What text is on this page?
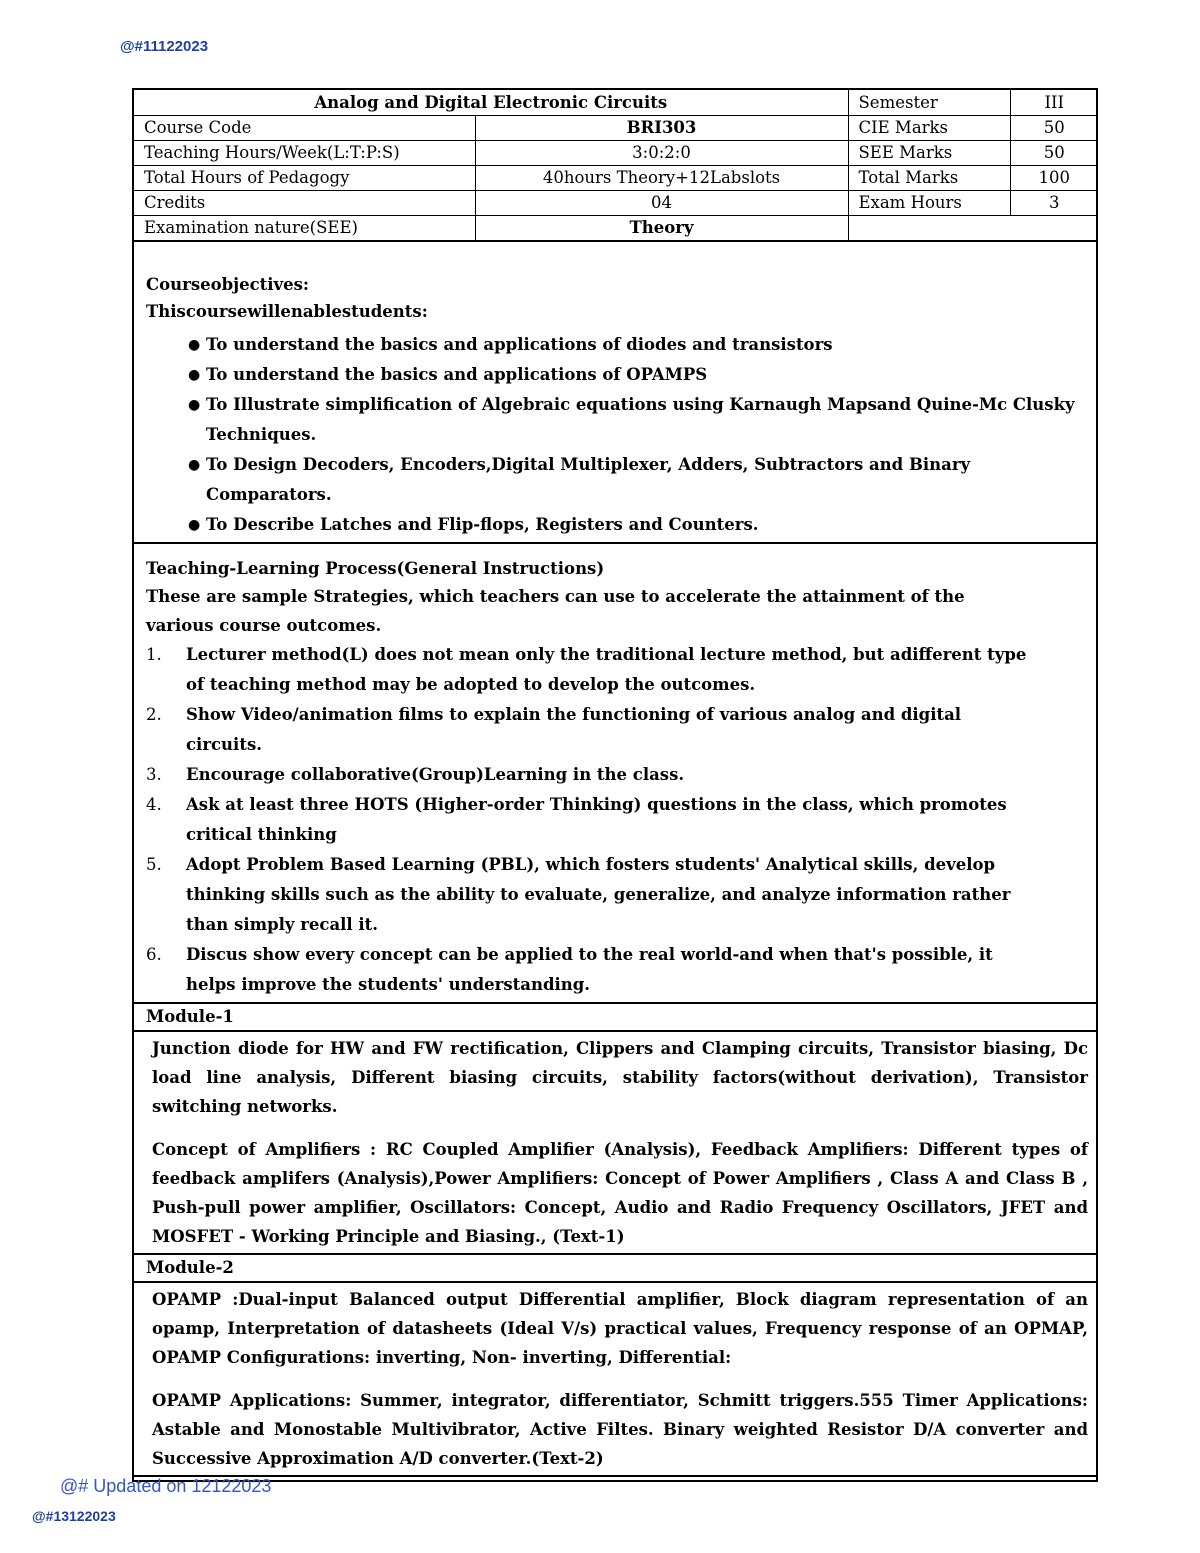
@#11122023
Analog and Digital Electronic Circuits		Semester	III
Course Code	BRI303	CIE Marks	50
Teaching Hours/Week(L:T:P:S)	3:0:2:0	SEE Marks	50
Total Hours of Pedagogy	40hours Theory+12Labslots	Total Marks	100
Credits	04	Exam Hours	3
Examination nature(SEE)	Theory		
Courseobjectives:
Thiscoursewillenablestudents:
● To understand the basics and applications of diodes and transistors
● To understand the basics and applications of OPAMPS
● To Illustrate simplification of Algebraic equations using Karnaugh Mapsand Quine-Mc Clusky Techniques.
● To Design Decoders, Encoders,Digital Multiplexer, Adders, Subtractors and Binary Comparators.
● To Describe Latches and Flip-flops, Registers and Counters.
Teaching-Learning Process(General Instructions)
These are sample Strategies, which teachers can use to accelerate the attainment of the various course outcomes.
1.	Lecturer method(L) does not mean only the traditional lecture method, but adifferent type of teaching method may be adopted to develop the outcomes.
2.	Show Video/animation films to explain the functioning of various analog and digital circuits.
3.	Encourage collaborative(Group)Learning in the class.
4.	Ask at least three HOTS (Higher-order Thinking) questions in the class, which promotes critical thinking
5.	Adopt Problem Based Learning (PBL), which fosters students' Analytical skills, develop thinking skills such as the ability to evaluate, generalize, and analyze information rather than simply recall it.
6.	Discus show every concept can be applied to the real world-and when that's possible, it helps improve the students' understanding.
Module-1

Junction diode for HW and FW rectification, Clippers and Clamping circuits, Transistor biasing, Dc load line analysis, Different biasing circuits, stability factors(without derivation), Transistor switching networks.

Concept of Amplifiers : RC Coupled Amplifier (Analysis), Feedback Amplifiers: Different types of feedback amplifers (Analysis),Power Amplifiers: Concept of Power Amplifiers , Class A and Class B , Push-pull power amplifier, Oscillators: Concept, Audio and Radio Frequency Oscillators, JFET and MOSFET - Working Principle and Biasing., (Text-1)

Module-2

OPAMP :Dual-input Balanced output Differential amplifier, Block diagram representation of an opamp, Interpretation of datasheets (Ideal V/s) practical values, Frequency response of an OPMAP, OPAMP Configurations: inverting, Non- inverting, Differential:

OPAMP Applications: Summer, integrator, differentiator, Schmitt triggers.555 Timer Applications: Astable and Monostable Multivibrator, Active Filtes. Binary weighted Resistor D/A converter and Successive Approximation A/D converter.(Text-2)

@# Updated on 12122023
@#13122023
